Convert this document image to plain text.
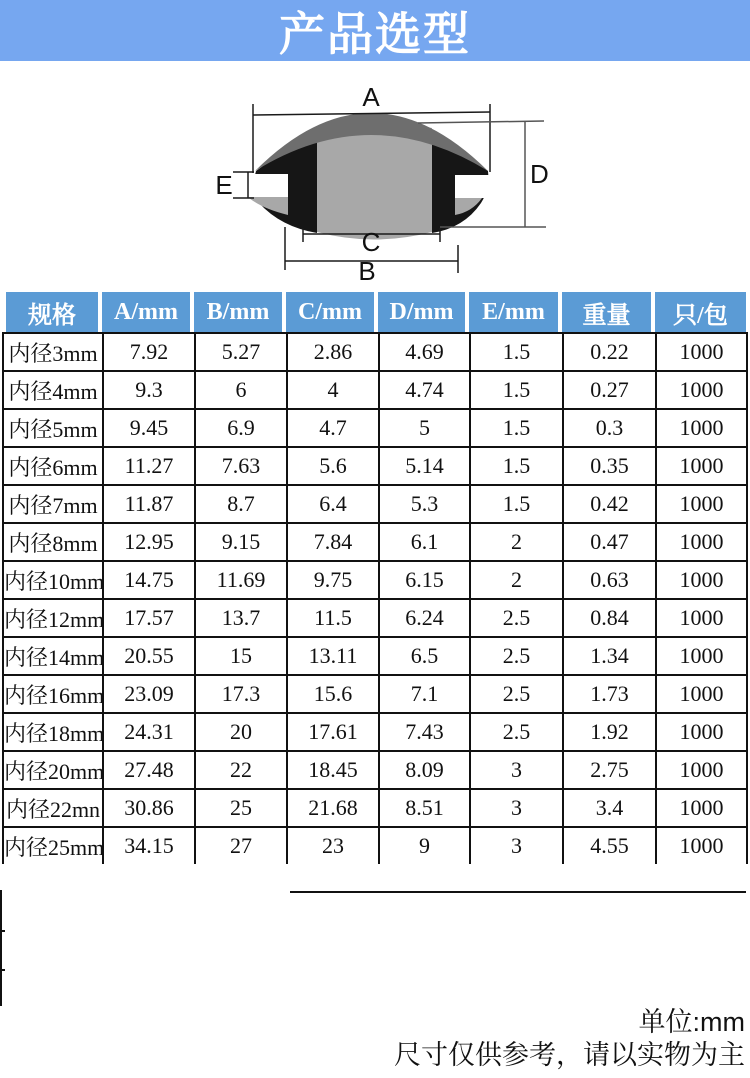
产品选型
A
B
C
D
E
规格	A/mm	B/mm	C/mm	D/mm	E/mm	重量	只/包
内径3mm	7.92	5.27	2.86	4.69	1.5	0.22	1000
内径4mm	9.3	6	4	4.74	1.5	0.27	1000
内径5mm	9.45	6.9	4.7	5	1.5	0.3	1000
内径6mm	11.27	7.63	5.6	5.14	1.5	0.35	1000
内径7mm	11.87	8.7	6.4	5.3	1.5	0.42	1000
内径8mm	12.95	9.15	7.84	6.1	2	0.47	1000
内径10mm	14.75	11.69	9.75	6.15	2	0.63	1000
内径12mm	17.57	13.7	11.5	6.24	2.5	0.84	1000
内径14mm	20.55	15	13.11	6.5	2.5	1.34	1000
内径16mm	23.09	17.3	15.6	7.1	2.5	1.73	1000
内径18mm	24.31	20	17.61	7.43	2.5	1.92	1000
内径20mm	27.48	22	18.45	8.09	3	2.75	1000
内径22mn	30.86	25	21.68	8.51	3	3.4	1000
内径25mm	34.15	27	23	9	3	4.55	1000
单位:mm
尺寸仅供参考，请以实物为主
